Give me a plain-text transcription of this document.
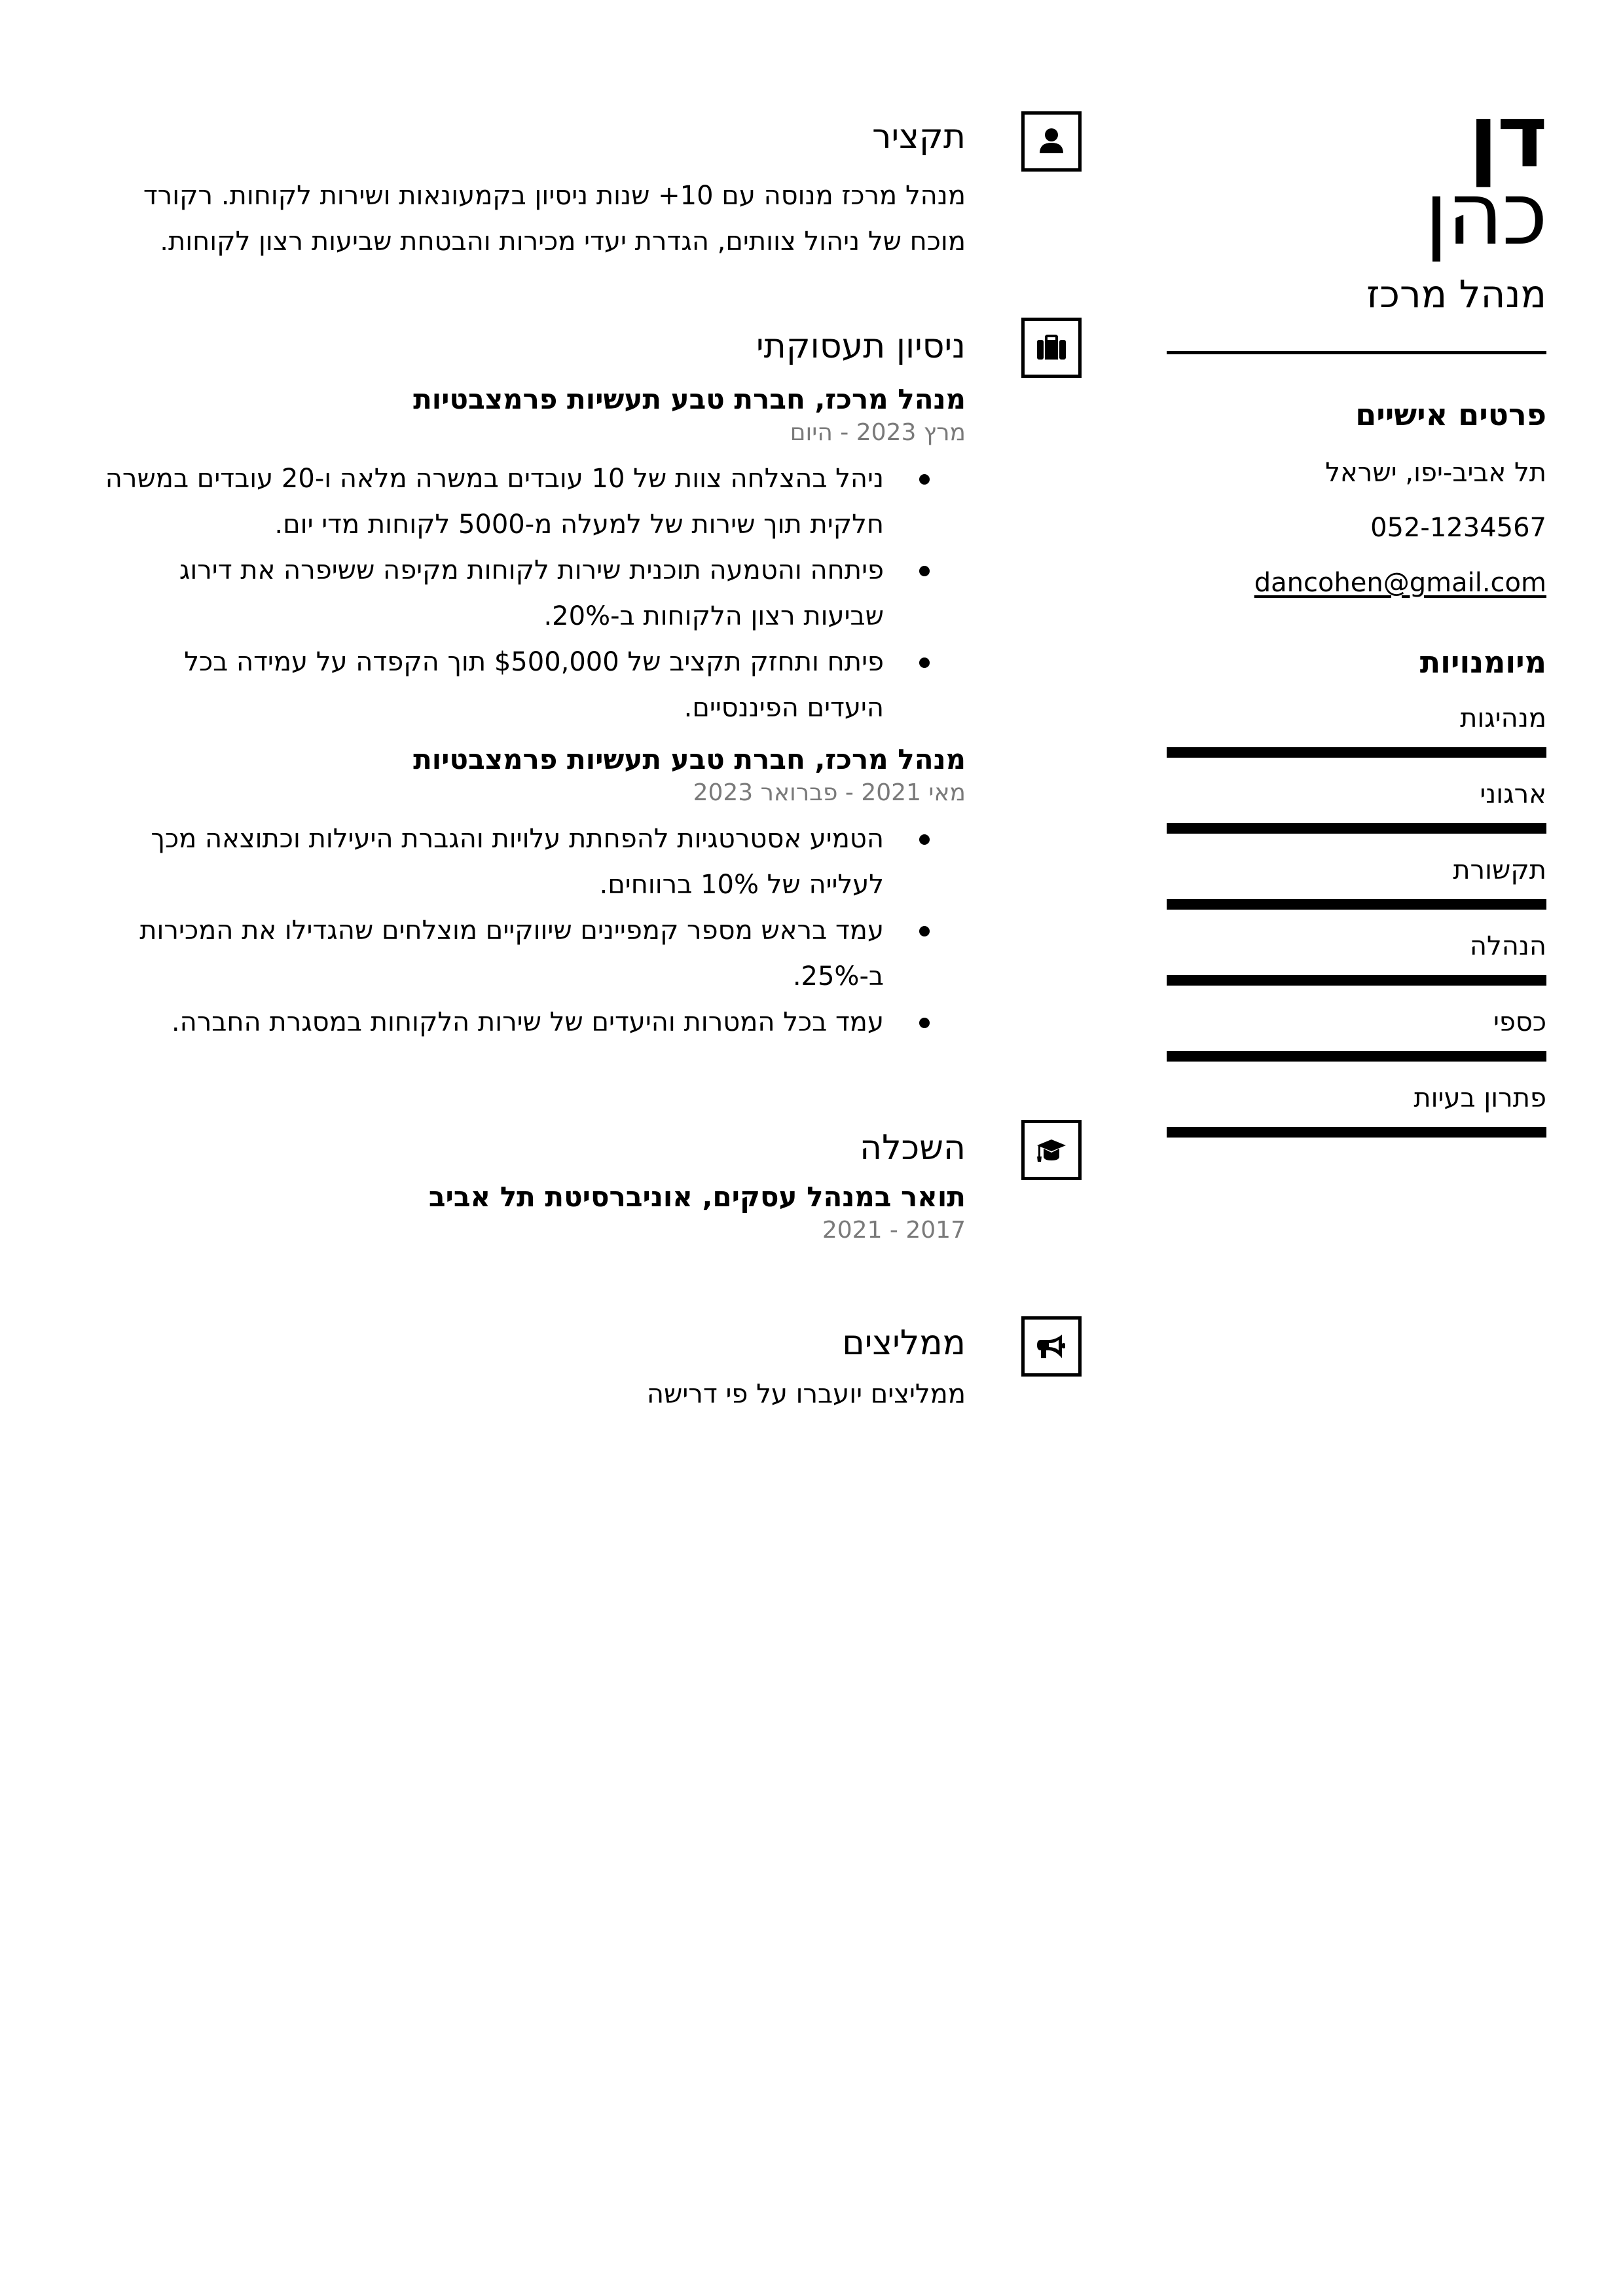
דן
כהן
מנהל מרכז
פרטים אישיים
תל אביב-יפו, ישראל
052-1234567
dancohen@gmail.com
מיומנויות
מנהיגות
ארגוני
תקשורת
הנהלה
כספי
פתרון בעיות
תקציר
מנהל מרכז מנוסה עם 10+ שנות ניסיון בקמעונאות ושירות לקוחות. רקורד מוכח של ניהול צוותים, הגדרת יעדי מכירות והבטחת שביעות רצון לקוחות.
ניסיון תעסוקתי
מנהל מרכז, חברת טבע תעשיות פרמצבטיות
מרץ 2023 - היום
ניהל בהצלחה צוות של 10 עובדים במשרה מלאה ו-20 עובדים במשרה חלקית תוך שירות של למעלה מ-5000 לקוחות מדי יום.
פיתחה והטמעה תוכנית שירות לקוחות מקיפה ששיפרה את דירוג שביעות רצון הלקוחות ב-20%.
פיתח ותחזק תקציב של $500,000 תוך הקפדה על עמידה בכל היעדים הפיננסיים.
מנהל מרכז, חברת טבע תעשיות פרמצבטיות
מאי 2021 - פברואר 2023
הטמיע אסטרטגיות להפחתת עלויות והגברת היעילות וכתוצאה מכך לעלייה של 10% ברווחים.
עמד בראש מספר קמפיינים שיווקיים מוצלחים שהגדילו את המכירות ב-25%.
עמד בכל המטרות והיעדים של שירות הלקוחות במסגרת החברה.
השכלה
תואר במנהל עסקים, אוניברסיטת תל אביב
2017 - 2021
ממליצים
ממליצים יועברו על פי דרישה
